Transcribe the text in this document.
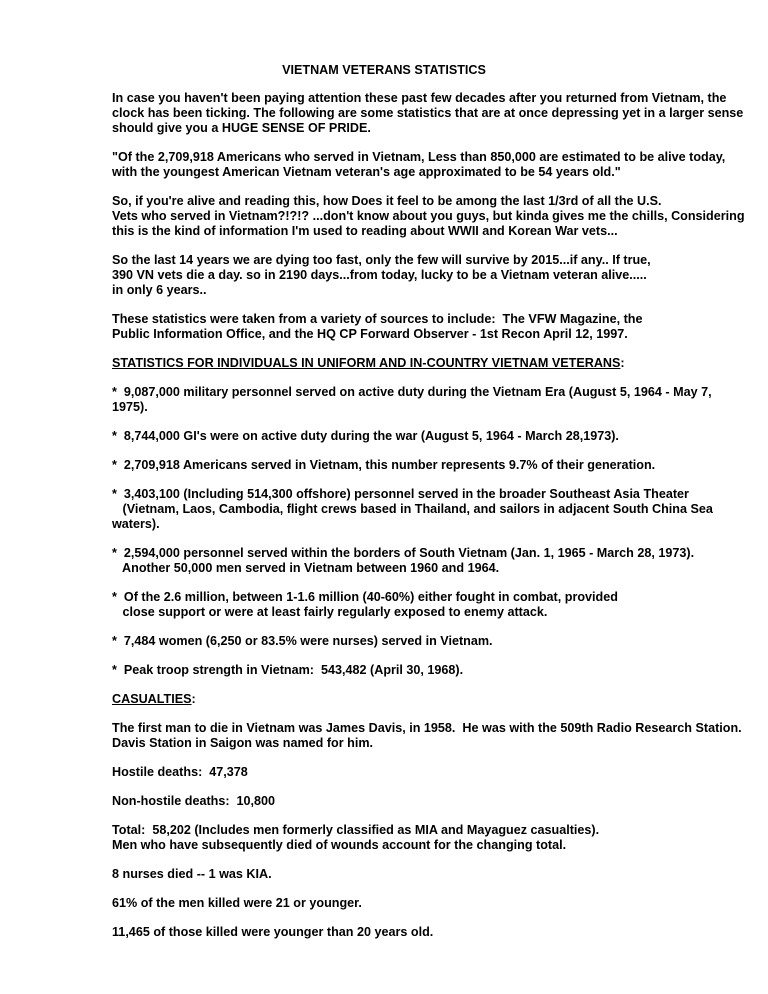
VIETNAM VETERANS STATISTICS
In case you haven't been paying attention these past few decades after you returned from Vietnam, the
clock has been ticking. The following are some statistics that are at once depressing yet in a larger sense
should give you a HUGE SENSE OF PRIDE.
"Of the 2,709,918 Americans who served in Vietnam, Less than 850,000 are estimated to be alive today,
with the youngest American Vietnam veteran's age approximated to be 54 years old."
So, if you're alive and reading this, how Does it feel to be among the last 1/3rd of all the U.S.
Vets who served in Vietnam?!?!? ...don't know about you guys, but kinda gives me the chills, Considering
this is the kind of information I'm used to reading about WWII and Korean War vets...
So the last 14 years we are dying too fast, only the few will survive by 2015...if any.. If true,
390 VN vets die a day. so in 2190 days...from today, lucky to be a Vietnam veteran alive.....
in only 6 years..
These statistics were taken from a variety of sources to include:  The VFW Magazine, the
Public Information Office, and the HQ CP Forward Observer - 1st Recon April 12, 1997.
STATISTICS FOR INDIVIDUALS IN UNIFORM AND IN-COUNTRY VIETNAM VETERANS:
*  9,087,000 military personnel served on active duty during the Vietnam Era (August 5, 1964 - May 7,
1975).
*  8,744,000 GI's were on active duty during the war (August 5, 1964 - March 28,1973).
*  2,709,918 Americans served in Vietnam, this number represents 9.7% of their generation.
*  3,403,100 (Including 514,300 offshore) personnel served in the broader Southeast Asia Theater
(Vietnam, Laos, Cambodia, flight crews based in Thailand, and sailors in adjacent South China Sea
waters).
*  2,594,000 personnel served within the borders of South Vietnam (Jan. 1, 1965 - March 28, 1973).
Another 50,000 men served in Vietnam between 1960 and 1964.
*  Of the 2.6 million, between 1-1.6 million (40-60%) either fought in combat, provided
close support or were at least fairly regularly exposed to enemy attack.
*  7,484 women (6,250 or 83.5% were nurses) served in Vietnam.
*  Peak troop strength in Vietnam:  543,482 (April 30, 1968).
CASUALTIES:
The first man to die in Vietnam was James Davis, in 1958.  He was with the 509th Radio Research Station.
Davis Station in Saigon was named for him.
Hostile deaths:  47,378
Non-hostile deaths:  10,800
Total:  58,202 (Includes men formerly classified as MIA and Mayaguez casualties).
Men who have subsequently died of wounds account for the changing total.
8 nurses died -- 1 was KIA.
61% of the men killed were 21 or younger.
11,465 of those killed were younger than 20 years old.
